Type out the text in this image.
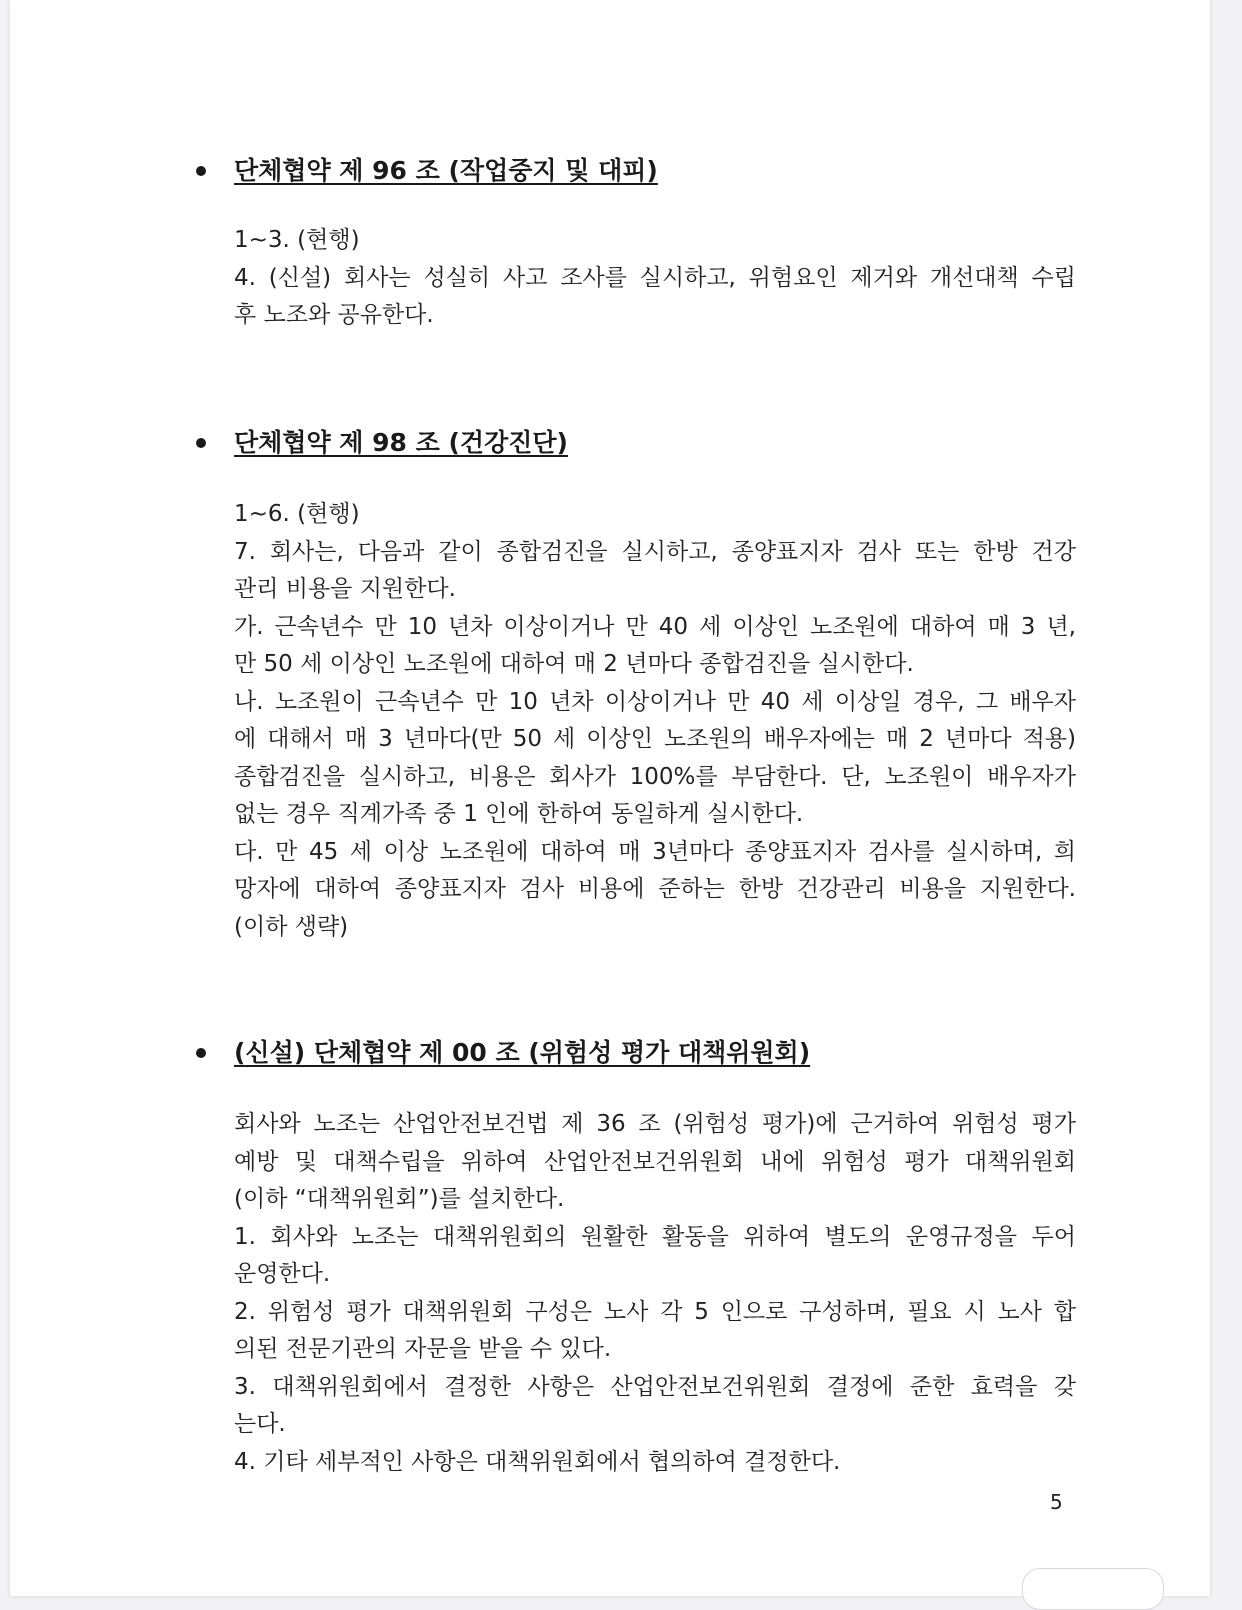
단체협약 제 96 조 (작업중지 및 대피)
1~3. (현행)
4. (신설) 회사는 성실히 사고 조사를 실시하고, 위험요인 제거와 개선대책 수립
후 노조와 공유한다.
단체협약 제 98 조 (건강진단)
1~6. (현행)
7. 회사는, 다음과 같이 종합검진을 실시하고, 종양표지자 검사 또는 한방 건강
관리 비용을 지원한다.
가. 근속년수 만 10 년차 이상이거나 만 40 세 이상인 노조원에 대하여 매 3 년,
만 50 세 이상인 노조원에 대하여 매 2 년마다 종합검진을 실시한다.
나. 노조원이 근속년수 만 10 년차 이상이거나 만 40 세 이상일 경우, 그 배우자
에 대해서 매 3 년마다(만 50 세 이상인 노조원의 배우자에는 매 2 년마다 적용)
종합검진을 실시하고, 비용은 회사가 100%를 부담한다. 단, 노조원이 배우자가
없는 경우 직계가족 중 1 인에 한하여 동일하게 실시한다.
다. 만 45 세 이상 노조원에 대하여 매 3년마다 종양표지자 검사를 실시하며, 희
망자에 대하여 종양표지자 검사 비용에 준하는 한방 건강관리 비용을 지원한다.
(이하 생략)
(신설) 단체협약 제 00 조 (위험성 평가 대책위원회)
회사와 노조는 산업안전보건법 제 36 조 (위험성 평가)에 근거하여 위험성 평가
예방 및 대책수립을 위하여 산업안전보건위원회 내에 위험성 평가 대책위원회
(이하 “대책위원회”)를 설치한다.
1. 회사와 노조는 대책위원회의 원활한 활동을 위하여 별도의 운영규정을 두어
운영한다.
2. 위험성 평가 대책위원회 구성은 노사 각 5 인으로 구성하며, 필요 시 노사 합
의된 전문기관의 자문을 받을 수 있다.
3. 대책위원회에서 결정한 사항은 산업안전보건위원회 결정에 준한 효력을 갖
는다.
4. 기타 세부적인 사항은 대책위원회에서 협의하여 결정한다.
5
